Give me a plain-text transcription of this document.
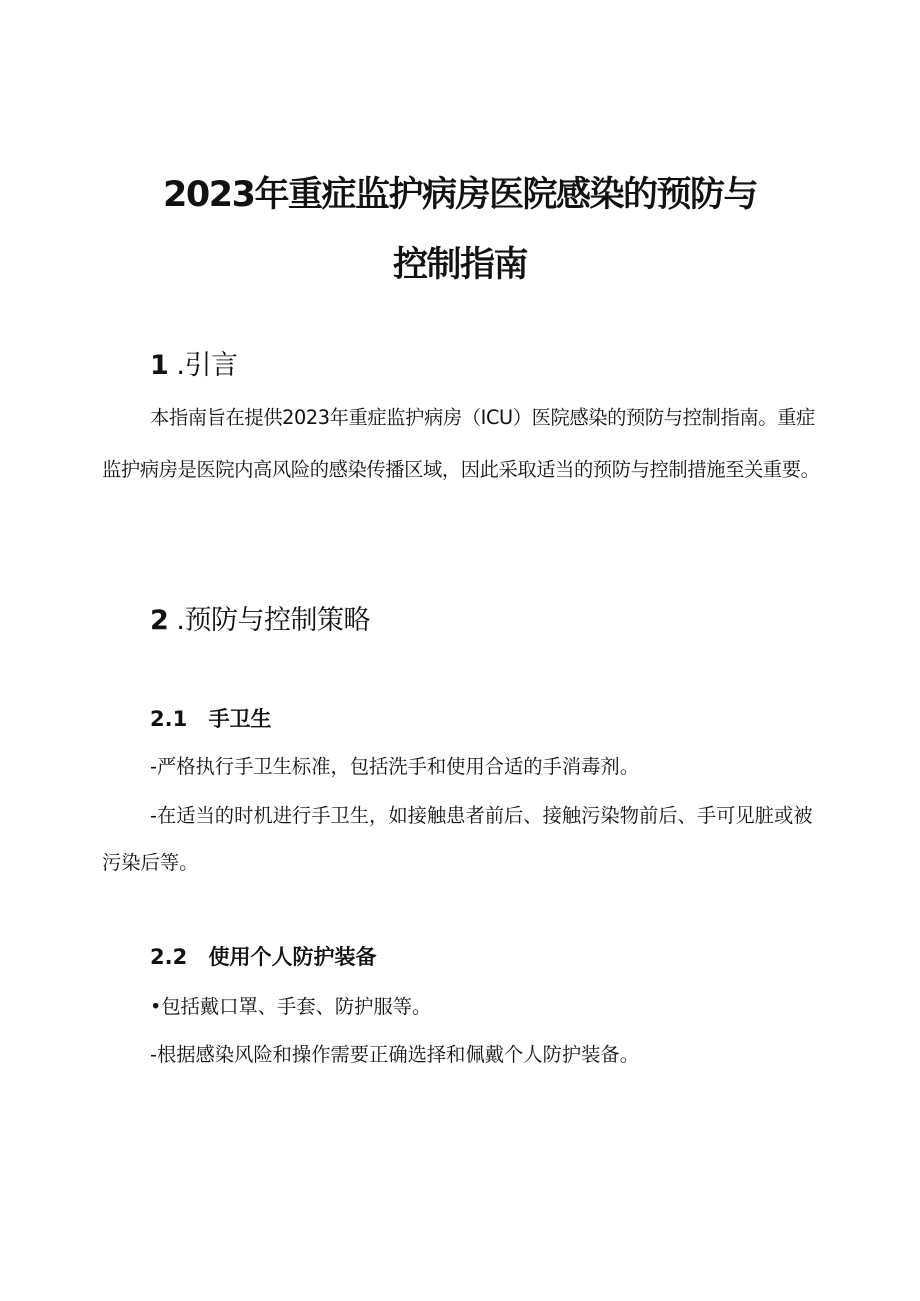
2023年重症监护病房医院感染的预防与
控制指南
1 .引言

本指南旨在提供2023年重症监护病房（ICU）医院感染的预防与控制指南。重症监护病房是医院内高风险的感染传播区域，因此采取适当的预防与控制措施至关重要。

2 .预防与控制策略
2.1 手卫生

-严格执行手卫生标准，包括洗手和使用合适的手消毒剂。

-在适当的时机进行手卫生，如接触患者前后、接触污染物前后、手可见脏或被污染后等。

2.2 使用个人防护装备

•包括戴口罩、手套、防护服等。

-根据感染风险和操作需要正确选择和佩戴个人防护装备。
